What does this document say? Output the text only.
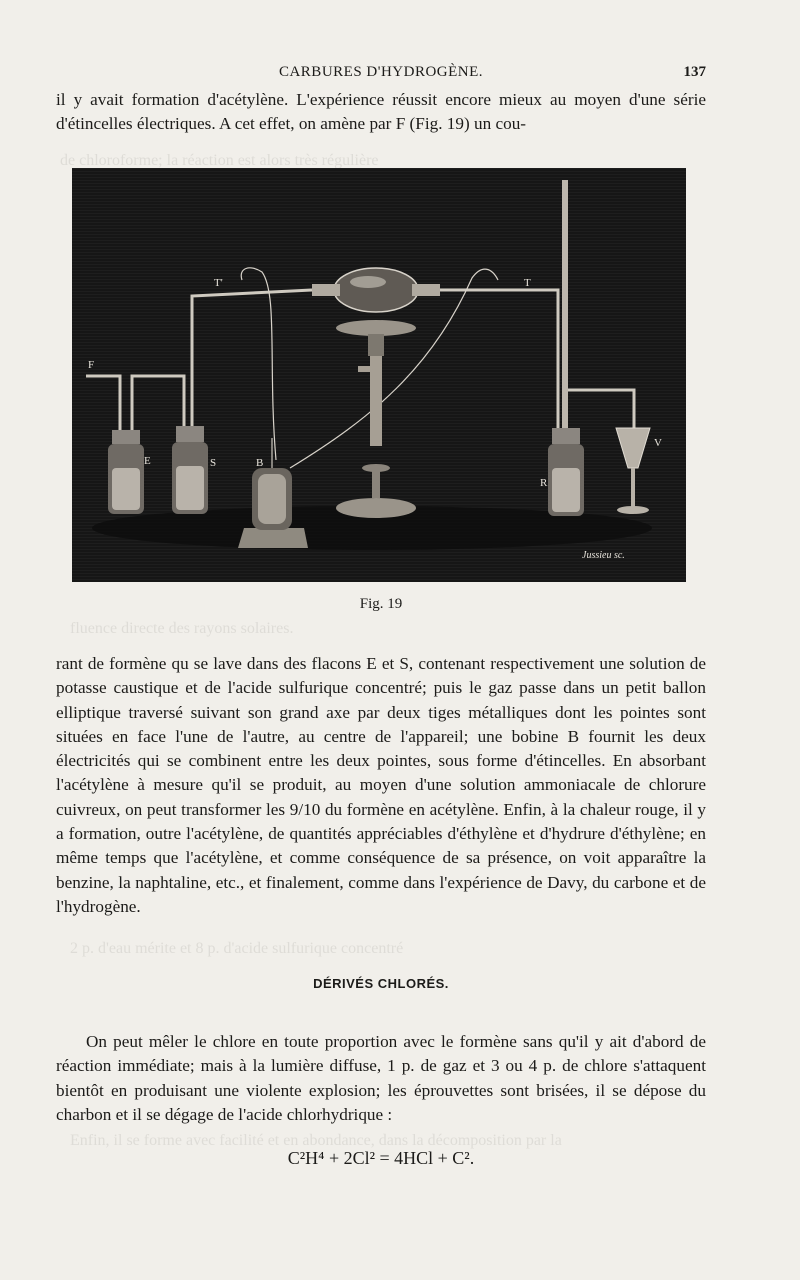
de chloroforme; la réaction est alors très régulière
fluence directe des rayons solaires.
2 p. d'eau mérite et 8 p. d'acide sulfurique concentré
Enfin, il se forme avec facilité et en abondance, dans la décomposition par la
CARBURES D'HYDROGÈNE.	137

il y avait formation d'acétylène. L'expérience réussit encore mieux au moyen d'une série d'étincelles électriques. A cet effet, on amène par F (Fig. 19) un cou-

F
E	S	B
T'	T
R
V
Jussieu sc.
Fig. 19

rant de formène qu se lave dans des flacons E et S, contenant respectivement une solution de potasse caustique et de l'acide sulfurique concentré; puis le gaz passe dans un petit ballon elliptique traversé suivant son grand axe par deux tiges métalliques dont les pointes sont situées en face l'une de l'autre, au centre de l'appareil; une bobine B fournit les deux électricités qui se combinent entre les deux pointes, sous forme d'étincelles. En absorbant l'acétylène à mesure qu'il se produit, au moyen d'une solution ammoniacale de chlorure cuivreux, on peut transformer les 9/10 du formène en acétylène. Enfin, à la chaleur rouge, il y a formation, outre l'acétylène, de quantités appréciables d'éthylène et d'hydrure d'éthylène; en même temps que l'acétylène, et comme conséquence de sa présence, on voit apparaître la benzine, la naphtaline, etc., et finalement, comme dans l'expérience de Davy, du carbone et de l'hydrogène.

DÉRIVÉS CHLORÉS.

On peut mêler le chlore en toute proportion avec le formène sans qu'il y ait d'abord de réaction immédiate; mais à la lumière diffuse, 1 p. de gaz et 3 ou 4 p. de chlore s'attaquent bientôt en produisant une violente explosion; les éprouvettes sont brisées, il se dépose du charbon et il se dégage de l'acide chlorhydrique :

C²H⁴ + 2Cl² = 4HCl + C².
